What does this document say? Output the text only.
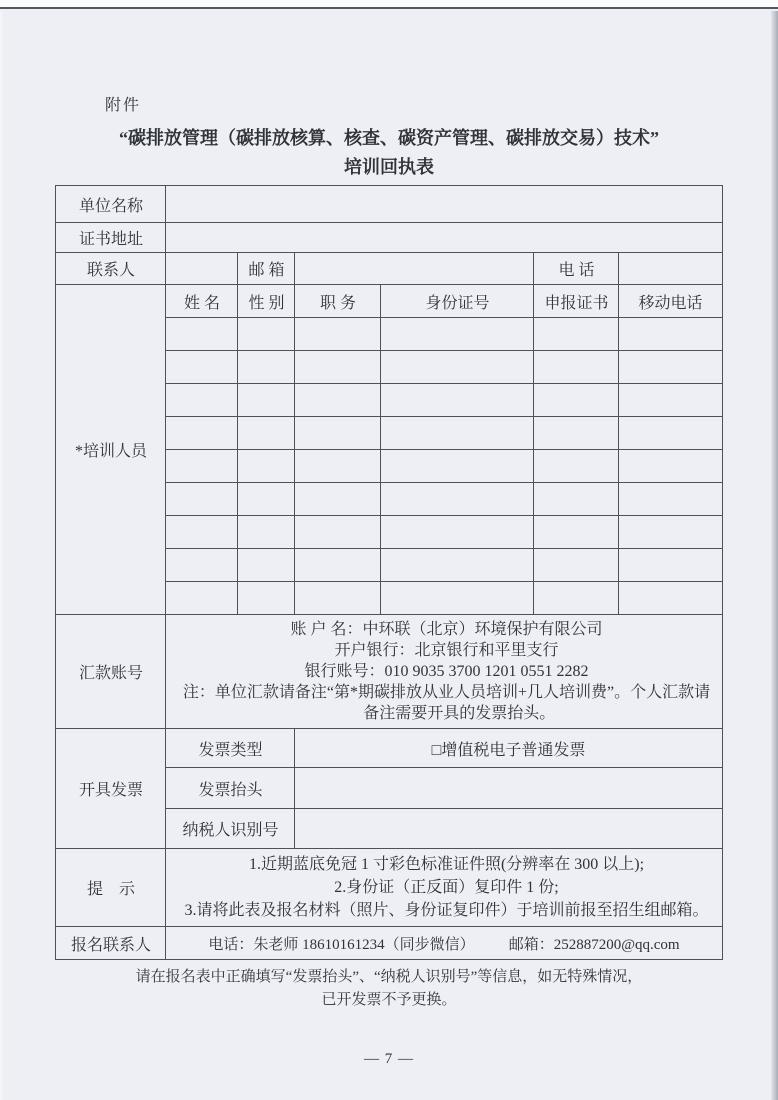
附件
“碳排放管理（碳排放核算、核查、碳资产管理、碳排放交易）技术”
培训回执表
单位名称						
证书地址						
联系人		邮 箱			电 话	
*培训人员	姓 名	性 别	职 务	身份证号	申报证书	移动电话

汇款账号	账 户 名：中环联（北京）环境保护有限公司
开户银行：北京银行和平里支行
银行账号：010 9035 3700 1201 0551 2282
注：单位汇款请备注“第*期碳排放从业人员培训+几人培训费”。个人汇款请备注需要开具的发票抬头。					

开具发票	发票类型		□增值税电子普通发票			
	发票抬头					
	纳税人识别号					
提　示	1.近期蓝底免冠 1 寸彩色标准证件照(分辨率在 300 以上);
2.身份证（正反面）复印件 1 份;
3.请将此表及报名材料（照片、身份证复印件）于培训前报至招生组邮箱。					

报名联系人	电话：朱老师 18610161234（同步微信） 邮箱：252887200@qq.com					
请在报名表中正确填写“发票抬头”、“纳税人识别号”等信息，如无特殊情况，
已开发票不予更换。
— 7 —
